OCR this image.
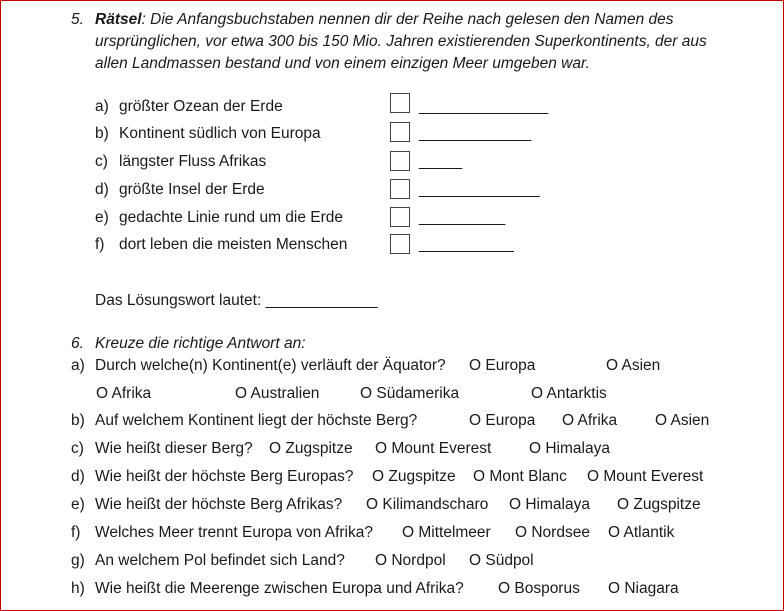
5. Rätsel: Die Anfangsbuchstaben nennen dir der Reihe nach gelesen den Namen des
ursprünglichen, vor etwa 300 bis 150 Mio. Jahren existierenden Superkontinents, der aus
allen Landmassen bestand und von einem einzigen Meer umgeben war.
a) größter Ozean der Erde	_______________
b) Kontinent südlich von Europa	_____________
c) längster Fluss Afrikas	_____
d) größte Insel der Erde	______________
e) gedachte Linie rund um die Erde	__________
f) dort leben die meisten Menschen	___________
Das Lösungswort lautet: _____________
6. Kreuze die richtige Antwort an:
a) Durch welche(n) Kontinent(e) verläuft der Äquator? O Europa	O Asien
O Afrika	O Australien	O Südamerika	O Antarktis
b) Auf welchem Kontinent liegt der höchste Berg?	O Europa O Afrika O Asien
c) Wie heißt dieser Berg? O Zugspitze O Mount Everest O Himalaya
d) Wie heißt der höchste Berg Europas? O Zugspitze O Mont Blanc O Mount Everest
e) Wie heißt der höchste Berg Afrikas? O Kilimandscharo O Himalaya O Zugspitze
f) Welches Meer trennt Europa von Afrika? O Mittelmeer O Nordsee O Atlantik
g) An welchem Pol befindet sich Land? O Nordpol O Südpol
h) Wie heißt die Meerenge zwischen Europa und Afrika? O Bosporus O Niagara
